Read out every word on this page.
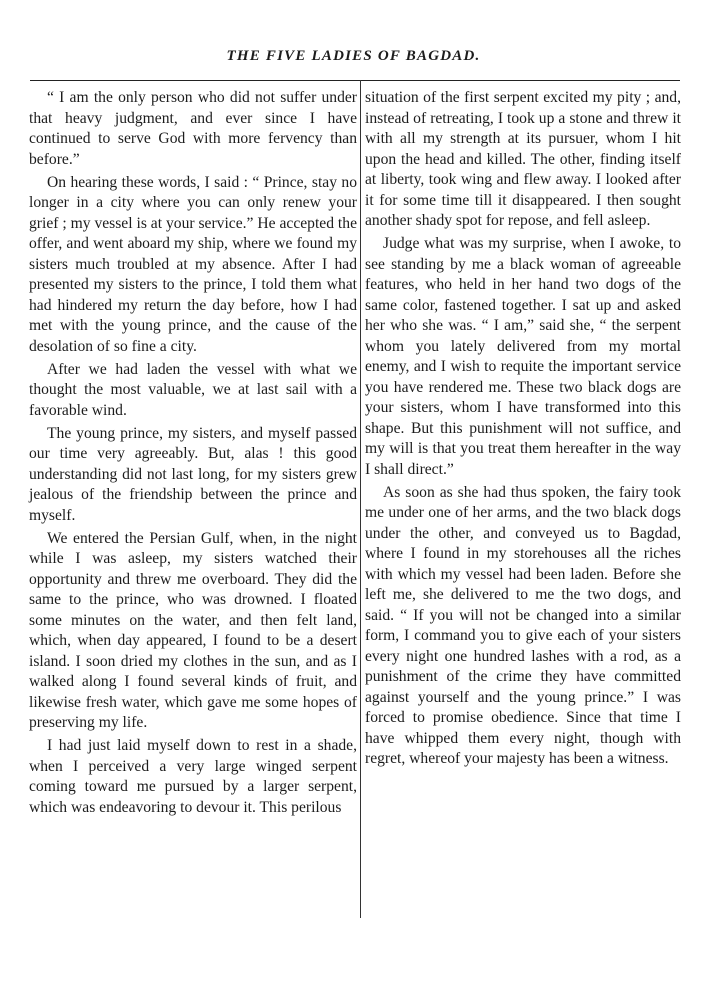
THE FIVE LADIES OF BAGDAD.

“ I am the only person who did not suffer under that heavy judgment, and ever since I have continued to serve God with more fervency than before.”

On hearing these words, I said : “ Prince, stay no longer in a city where you can only renew your grief ; my vessel is at your service.” He accepted the offer, and went aboard my ship, where we found my sisters much troubled at my absence. After I had presented my sisters to the prince, I told them what had hindered my return the day before, how I had met with the young prince, and the cause of the desolation of so fine a city.

After we had laden the vessel with what we thought the most valuable, we at last sail with a favorable wind.

The young prince, my sisters, and myself passed our time very agreeably. But, alas ! this good understanding did not last long, for my sisters grew jealous of the friendship between the prince and myself.

We entered the Persian Gulf, when, in the night while I was asleep, my sisters watched their opportunity and threw me overboard. They did the same to the prince, who was drowned. I floated some minutes on the water, and then felt land, which, when day appeared, I found to be a desert island. I soon dried my clothes in the sun, and as I walked along I found several kinds of fruit, and likewise fresh water, which gave me some hopes of preserving my life.

I had just laid myself down to rest in a shade, when I perceived a very large winged serpent coming toward me pursued by a larger serpent, which was endeavoring to devour it. This perilous

situation of the first serpent excited my pity ; and, instead of retreating, I took up a stone and threw it with all my strength at its pursuer, whom I hit upon the head and killed. The other, finding itself at liberty, took wing and flew away. I looked after it for some time till it disappeared. I then sought another shady spot for repose, and fell asleep.

Judge what was my surprise, when I awoke, to see standing by me a black woman of agreeable features, who held in her hand two dogs of the same color, fastened together. I sat up and asked her who she was. “ I am,” said she, “ the serpent whom you lately delivered from my mortal enemy, and I wish to requite the important service you have rendered me. These two black dogs are your sisters, whom I have transformed into this shape. But this punishment will not suffice, and my will is that you treat them hereafter in the way I shall direct.”

As soon as she had thus spoken, the fairy took me under one of her arms, and the two black dogs under the other, and conveyed us to Bagdad, where I found in my storehouses all the riches with which my vessel had been laden. Before she left me, she delivered to me the two dogs, and said. “ If you will not be changed into a similar form, I command you to give each of your sisters every night one hundred lashes with a rod, as a punishment of the crime they have committed against yourself and the young prince.” I was forced to promise obedience. Since that time I have whipped them every night, though with regret, whereof your majesty has been a witness.
